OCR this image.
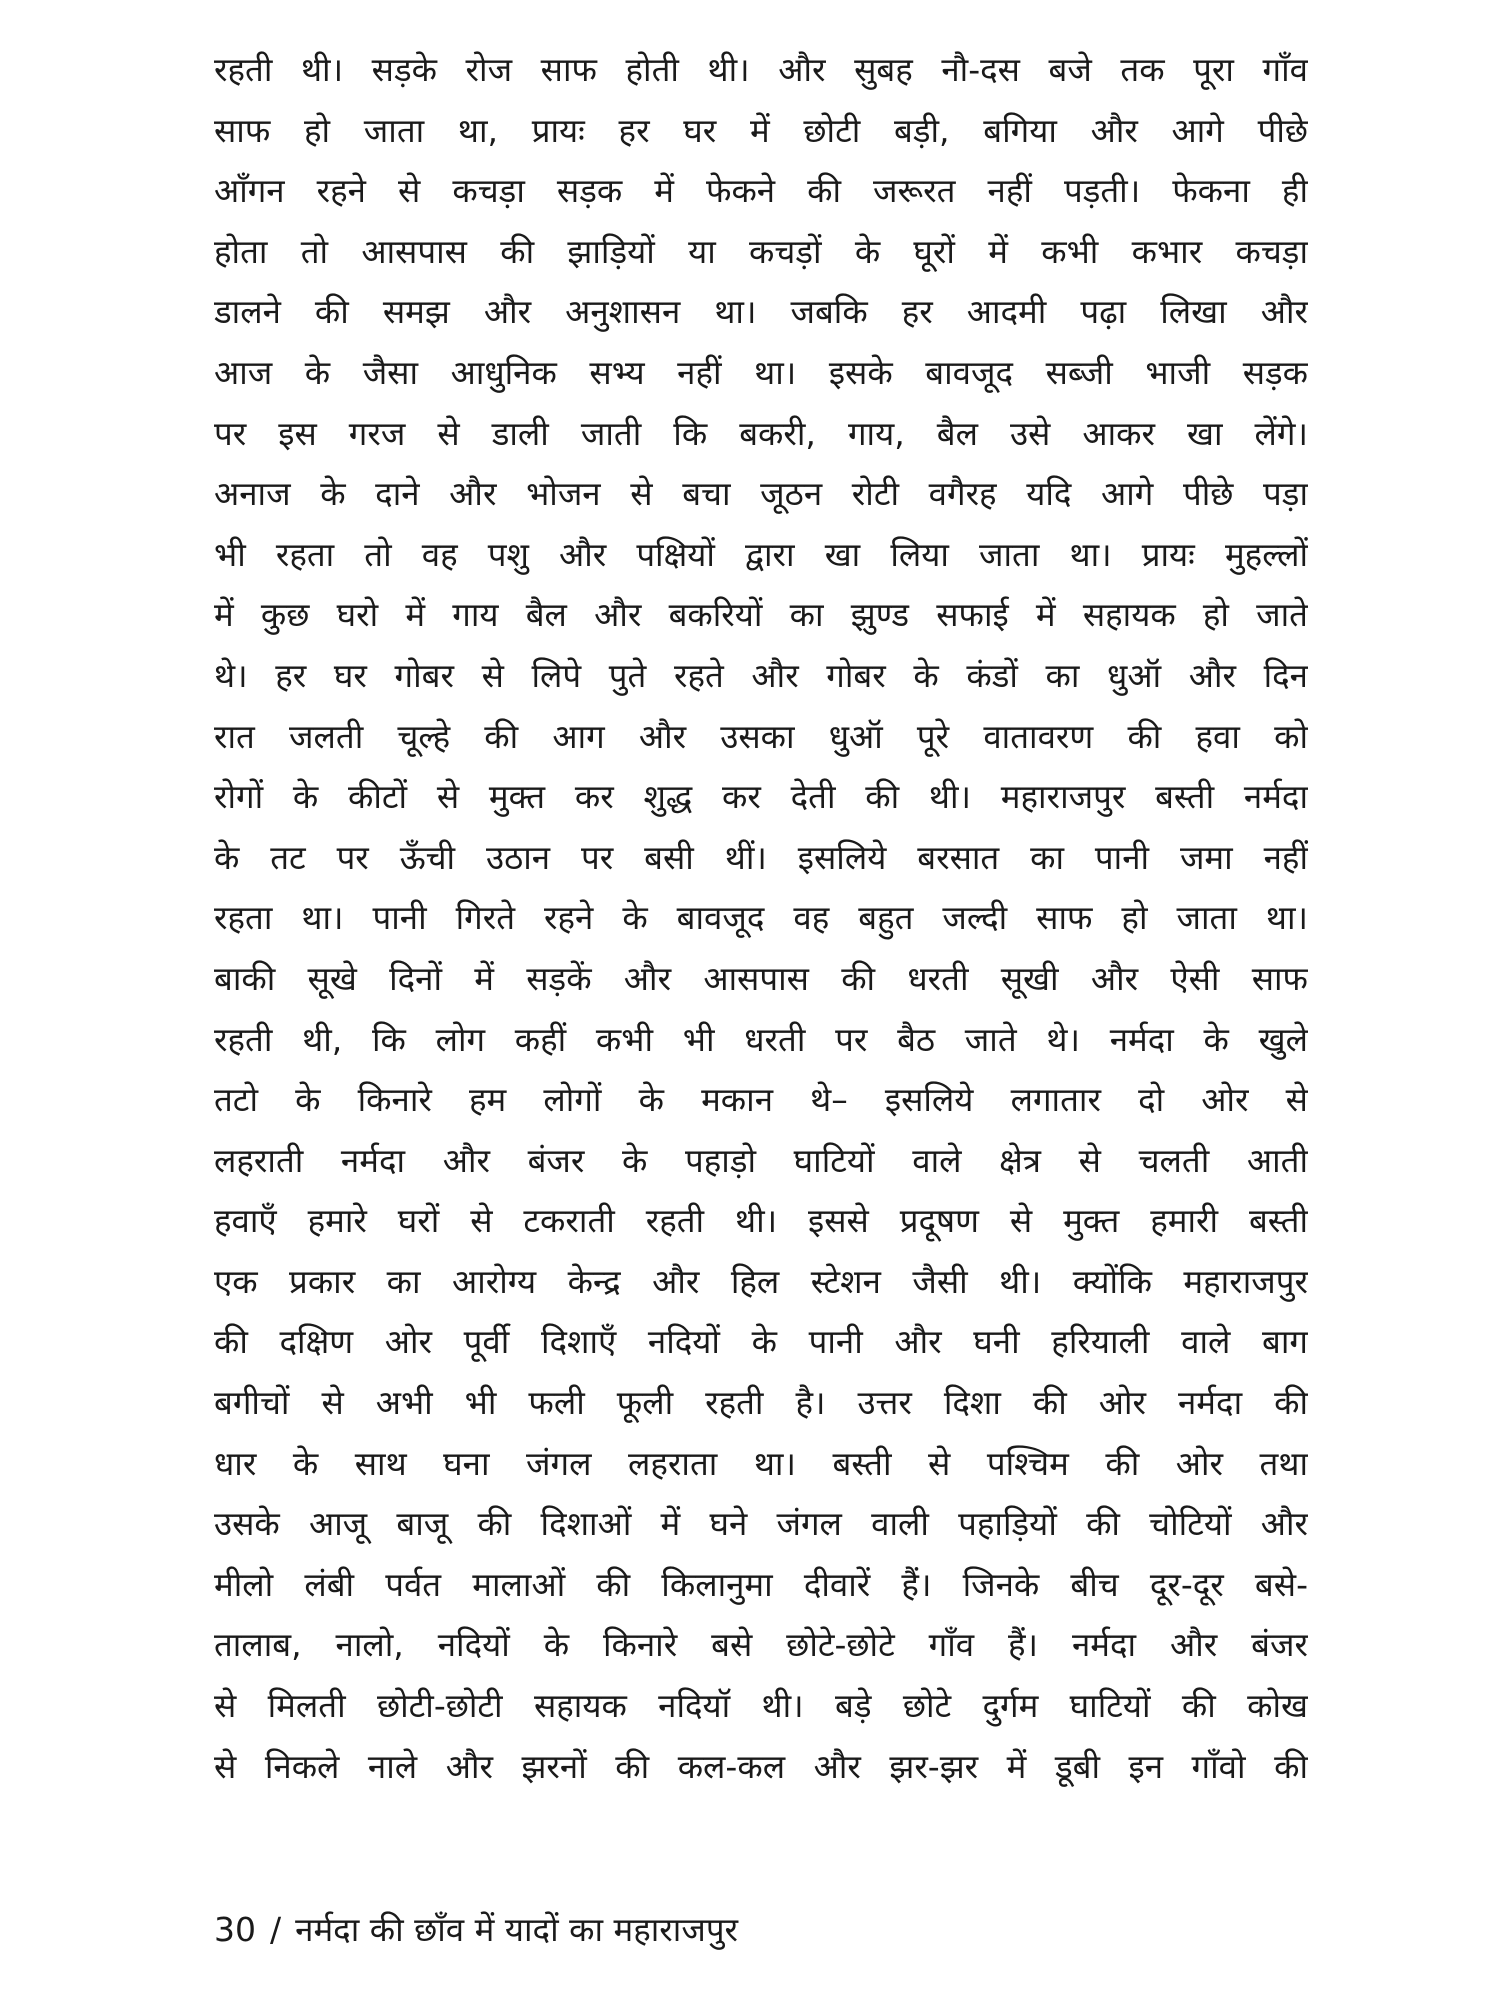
रहती थी। सड़के रोज साफ होती थी। और सुबह नौ-दस बजे तक पूरा गाँव
साफ हो जाता था, प्रायः हर घर में छोटी बड़ी, बगिया और आगे पीछे
आँगन रहने से कचड़ा सड़क में फेकने की जरूरत नहीं पड़ती। फेकना ही
होता तो आसपास की झाड़ियों या कचड़ों के घूरों में कभी कभार कचड़ा
डालने की समझ और अनुशासन था। जबकि हर आदमी पढ़ा लिखा और
आज के जैसा आधुनिक सभ्य नहीं था। इसके बावजूद सब्जी भाजी सड़क
पर इस गरज से डाली जाती कि बकरी, गाय, बैल उसे आकर खा लेंगे।
अनाज के दाने और भोजन से बचा जूठन रोटी वगैरह यदि आगे पीछे पड़ा
भी रहता तो वह पशु और पक्षियों द्वारा खा लिया जाता था। प्रायः मुहल्लों
में कुछ घरो में गाय बैल और बकरियों का झुण्ड सफाई में सहायक हो जाते
थे। हर घर गोबर से लिपे पुते रहते और गोबर के कंडों का धुऑ और दिन
रात जलती चूल्हे की आग और उसका धुऑ पूरे वातावरण की हवा को
रोगों के कीटों से मुक्त कर शुद्ध कर देती की थी। महाराजपुर बस्ती नर्मदा
के तट पर ऊँची उठान पर बसी थीं। इसलिये बरसात का पानी जमा नहीं
रहता था। पानी गिरते रहने के बावजूद वह बहुत जल्दी साफ हो जाता था।
बाकी सूखे दिनों में सड़कें और आसपास की धरती सूखी और ऐसी साफ
रहती थी, कि लोग कहीं कभी भी धरती पर बैठ जाते थे। नर्मदा के खुले
तटो के किनारे हम लोगों के मकान थे– इसलिये लगातार दो ओर से
लहराती नर्मदा और बंजर के पहाड़ो घाटियों वाले क्षेत्र से चलती आती
हवाएँ हमारे घरों से टकराती रहती थी। इससे प्रदूषण से मुक्त हमारी बस्ती
एक प्रकार का आरोग्य केन्द्र और हिल स्टेशन जैसी थी। क्योंकि महाराजपुर
की दक्षिण ओर पूर्वी दिशाएँ नदियों के पानी और घनी हरियाली वाले बाग
बगीचों से अभी भी फली फूली रहती है। उत्तर दिशा की ओर नर्मदा की
धार के साथ घना जंगल लहराता था। बस्ती से पश्चिम की ओर तथा
उसके आजू बाजू की दिशाओं में घने जंगल वाली पहाड़ियों की चोटियों और
मीलो लंबी पर्वत मालाओं की किलानुमा दीवारें हैं। जिनके बीच दूर-दूर बसे-
तालाब, नालो, नदियों के किनारे बसे छोटे-छोटे गाँव हैं। नर्मदा और बंजर
से मिलती छोटी-छोटी सहायक नदियॉ थी। बड़े छोटे दुर्गम घाटियों की कोख
से निकले नाले और झरनों की कल-कल और झर-झर में डूबी इन गाँवो की
30 / नर्मदा की छाँव में यादों का महाराजपुर
